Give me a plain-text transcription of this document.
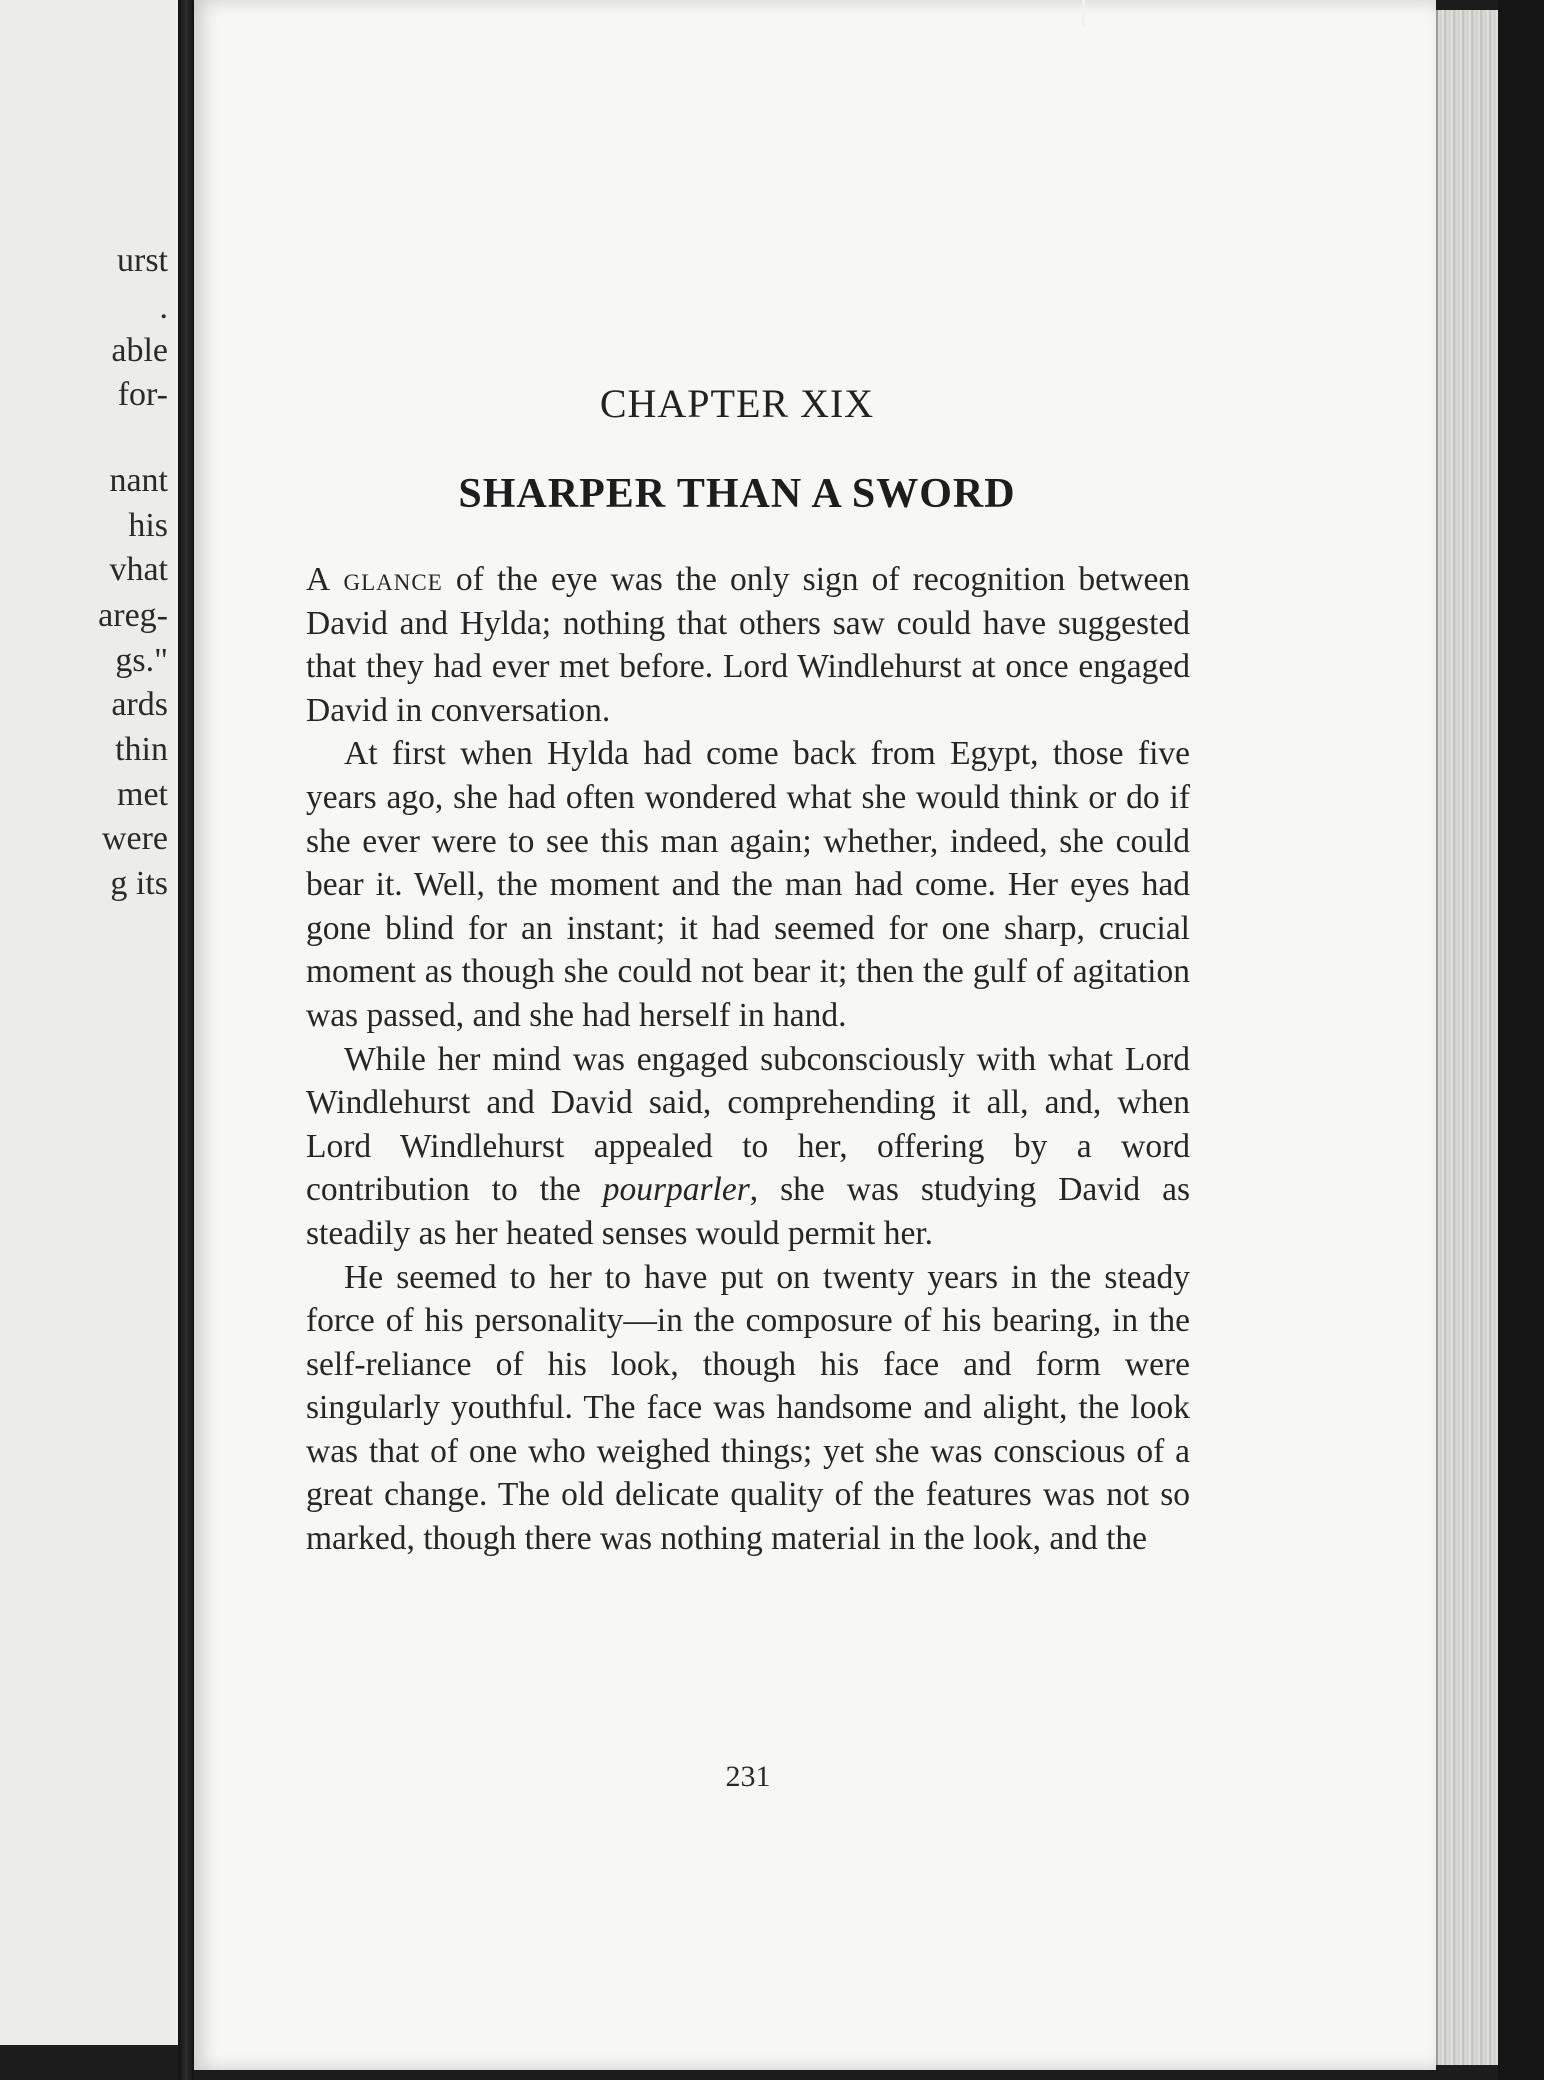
urst
.
able
for-
nant
his
vhat
areg-
gs."
ards
thin
met
were
g its
CHAPTER XIX
SHARPER THAN A SWORD

A glance of the eye was the only sign of recognition between David and Hylda; nothing that others saw could have suggested that they had ever met before. Lord Windlehurst at once engaged David in conversation.

At first when Hylda had come back from Egypt, those five years ago, she had often wondered what she would think or do if she ever were to see this man again; whether, indeed, she could bear it. Well, the moment and the man had come. Her eyes had gone blind for an instant; it had seemed for one sharp, crucial moment as though she could not bear it; then the gulf of agitation was passed, and she had herself in hand.

While her mind was engaged subconsciously with what Lord Windlehurst and David said, comprehending it all, and, when Lord Windlehurst appealed to her, offering by a word contribution to the pourparler, she was studying David as steadily as her heated senses would permit her.

He seemed to her to have put on twenty years in the steady force of his personality—in the composure of his bearing, in the self-reliance of his look, though his face and form were singularly youthful. The face was handsome and alight, the look was that of one who weighed things; yet she was conscious of a great change. The old delicate quality of the features was not so marked, though there was nothing material in the look, and the

231
